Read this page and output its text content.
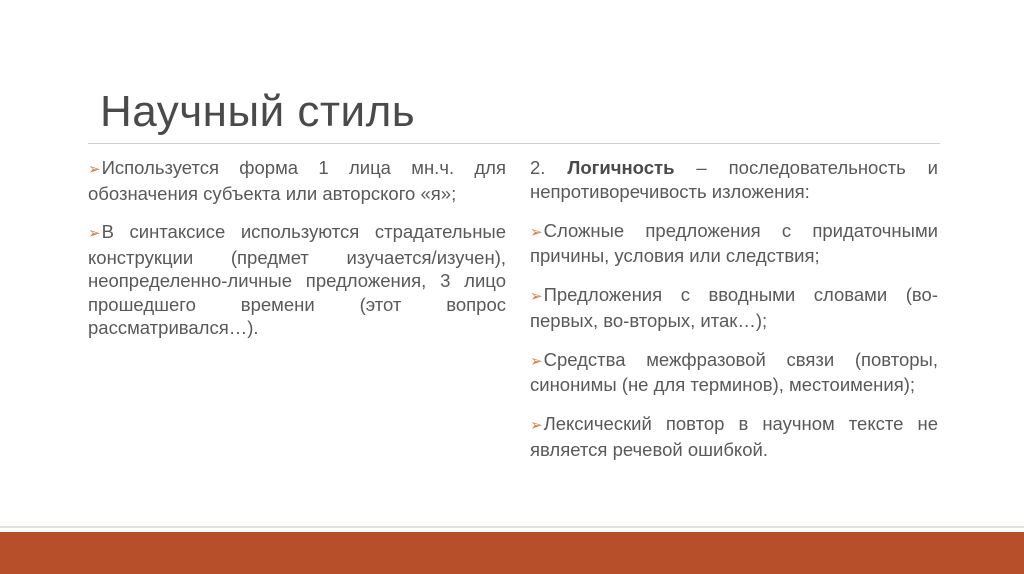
Научный стиль

➢Используется форма 1 лица мн.ч. для обозначения субъекта или авторского «я»;

➢В синтаксисе используются страдательные конструкции (предмет изучается/изучен), неопределенно-личные предложения, 3 лицо прошедшего времени (этот вопрос рассматривался…).

2. Логичность – последовательность и непротиворечивость изложения:

➢Сложные предложения с придаточными причины, условия или следствия;

➢Предложения с вводными словами (во-первых, во-вторых, итак…);

➢Средства межфразовой связи (повторы, синонимы (не для терминов), местоимения);

➢Лексический повтор в научном тексте не является речевой ошибкой.
